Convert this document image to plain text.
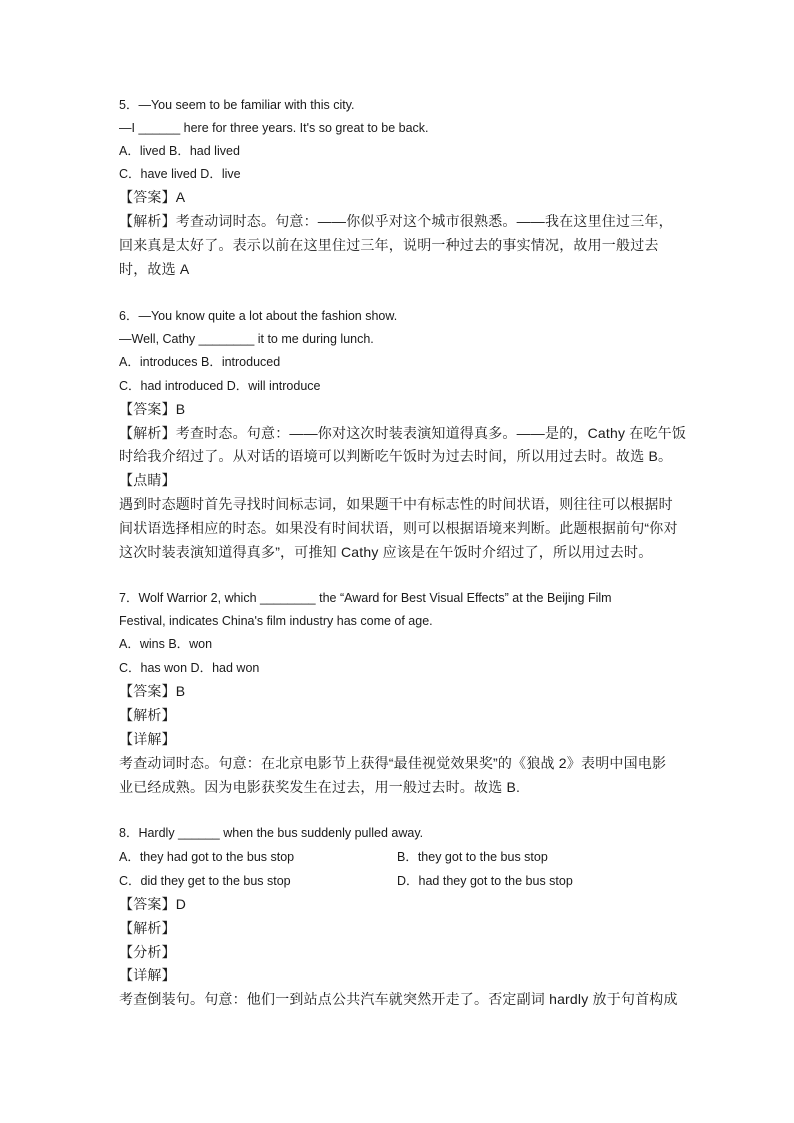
5．—You seem to be familiar with this city.
—I ______ here for three years. It's so great to be back.
A．lived B．had lived
C．have lived D．live
【答案】A
【解析】考查动词时态。句意：——你似乎对这个城市很熟悉。——我在这里住过三年，
回来真是太好了。表示以前在这里住过三年，说明一种过去的事实情况，故用一般过去
时，故选 A
6．—You know quite a lot about the fashion show.
—Well, Cathy ________ it to me during lunch.
A．introduces B．introduced
C．had introduced D．will introduce
【答案】B
【解析】考查时态。句意：——你对这次时装表演知道得真多。——是的，Cathy 在吃午饭
时给我介绍过了。从对话的语境可以判断吃午饭时为过去时间，所以用过去时。故选 B。
【点睛】
遇到时态题时首先寻找时间标志词，如果题干中有标志性的时间状语，则往往可以根据时
间状语选择相应的时态。如果没有时间状语，则可以根据语境来判断。此题根据前句“你对
这次时装表演知道得真多”，可推知 Cathy 应该是在午饭时介绍过了，所以用过去时。
7．Wolf Warrior 2, which ________ the “Award for Best Visual Effects” at the Beijing Film
Festival, indicates China's film industry has come of age.
A．wins B．won
C．has won D．had won
【答案】B
【解析】
【详解】
考查动词时态。句意：在北京电影节上获得“最佳视觉效果奖”的《狼战 2》表明中国电影
业已经成熟。因为电影获奖发生在过去，用一般过去时。故选 B.
8．Hardly ______ when the bus suddenly pulled away.
A．they had got to the bus stop	B．they got to the bus stop
C．did they get to the bus stop	D．had they got to the bus stop
【答案】D
【解析】
【分析】
【详解】
考查倒装句。句意：他们一到站点公共汽车就突然开走了。否定副词 hardly 放于句首构成
